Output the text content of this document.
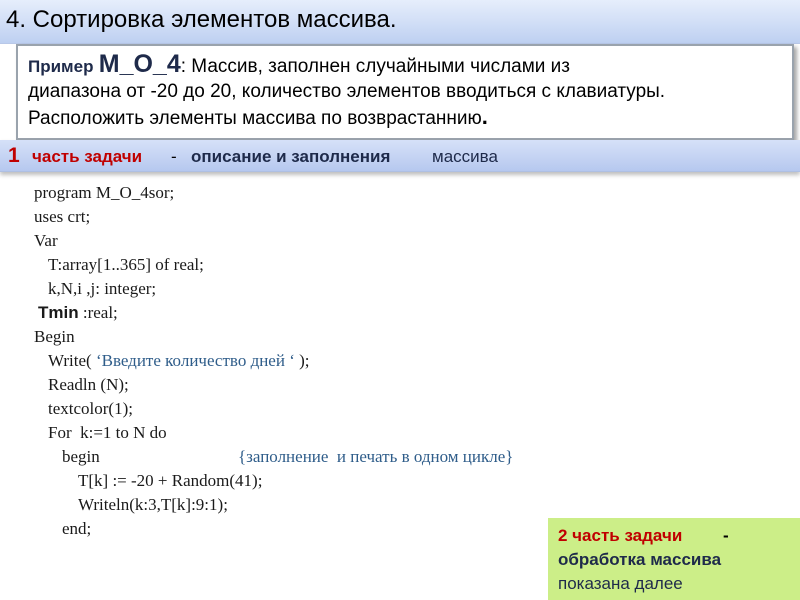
4. Сортировка элементов массива.
Пример M_O_4: Массив, заполнен случайными числами из
диапазона от -20 до 20, количество элементов вводиться с клавиатуры.
Расположить элементы массива по возврастаннию.
1 часть задачи - описание и заполнения массива
program M_O_4sor;
uses crt;
Var
T:array[1..365] of real;
k,N,i ,j: integer;
Tmin :real;
Begin
Write( ‘Введите количество дней ‘ );
Readln (N);
textcolor(1);
For  k:=1 to N do
begin	{заполнение  и печать в одном цикле}
T[k] := -20 + Random(41);
Writeln(k:3,T[k]:9:1);
end;	2 часть задачи -
обработка массива
показана далее
